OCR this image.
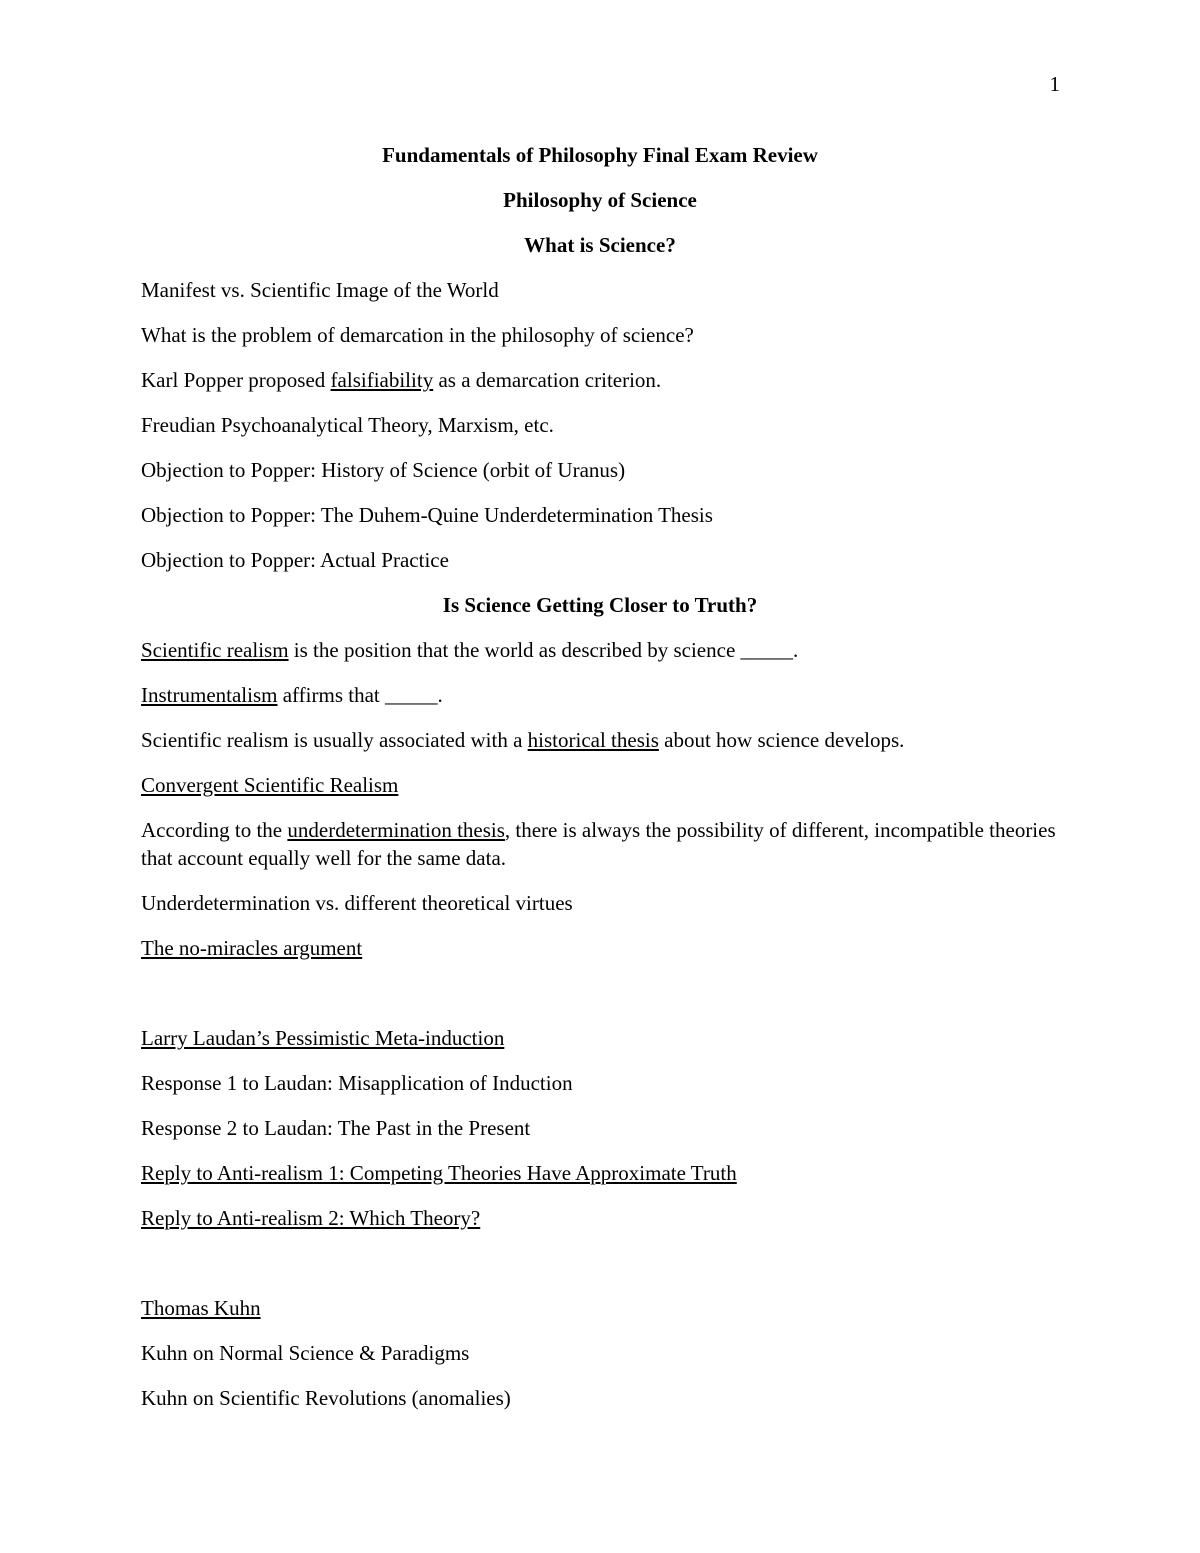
1

Fundamentals of Philosophy Final Exam Review

Philosophy of Science

What is Science?

Manifest vs. Scientific Image of the World

What is the problem of demarcation in the philosophy of science?

Karl Popper proposed falsifiability as a demarcation criterion.

Freudian Psychoanalytical Theory, Marxism, etc.

Objection to Popper: History of Science (orbit of Uranus)

Objection to Popper: The Duhem-Quine Underdetermination Thesis

Objection to Popper: Actual Practice

Is Science Getting Closer to Truth?

Scientific realism is the position that the world as described by science _____.

Instrumentalism affirms that _____.

Scientific realism is usually associated with a historical thesis about how science develops.

Convergent Scientific Realism

According to the underdetermination thesis, there is always the possibility of different, incompatible theories that account equally well for the same data.

Underdetermination vs. different theoretical virtues

The no-miracles argument

Larry Laudan’s Pessimistic Meta-induction

Response 1 to Laudan: Misapplication of Induction

Response 2 to Laudan: The Past in the Present

Reply to Anti-realism 1: Competing Theories Have Approximate Truth

Reply to Anti-realism 2: Which Theory?

Thomas Kuhn

Kuhn on Normal Science & Paradigms

Kuhn on Scientific Revolutions (anomalies)
